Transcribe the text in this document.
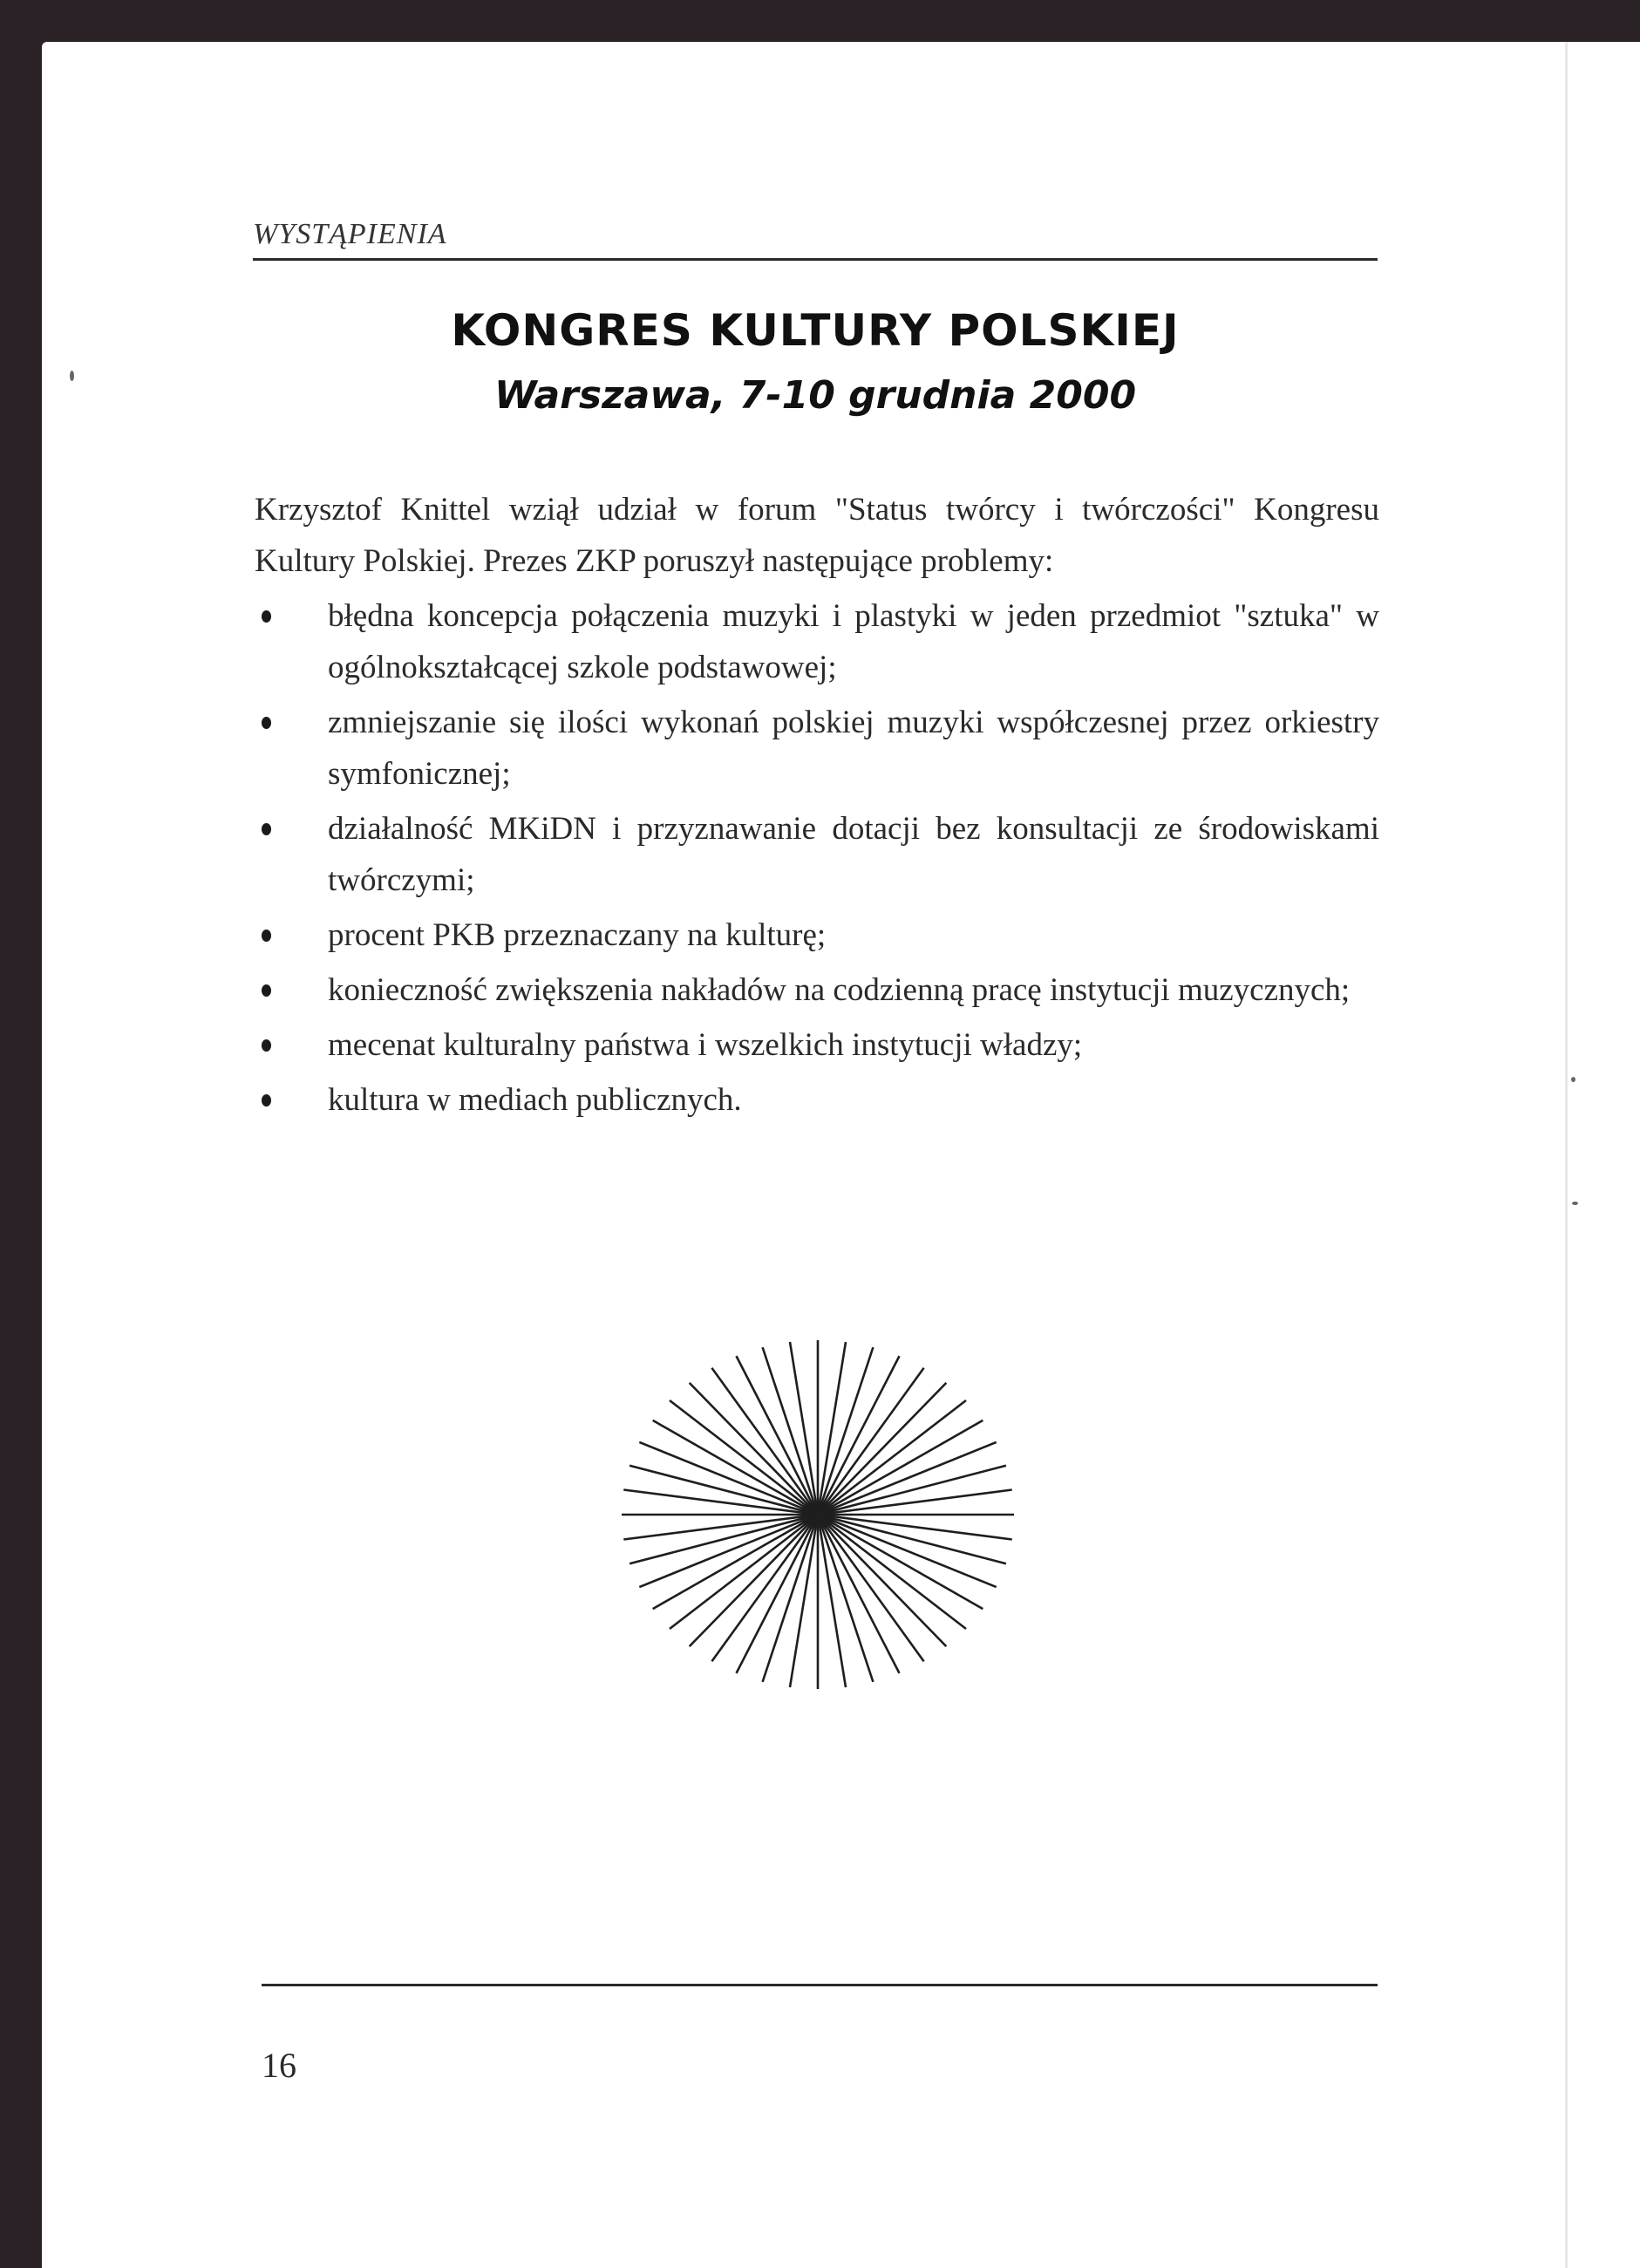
WYSTĄPIENIA
KONGRES KULTURY POLSKIEJ
Warszawa, 7-10 grudnia 2000

Krzysztof Knittel wziął udział w forum "Status twórcy i twórczości" Kongresu Kultury Polskiej. Prezes ZKP poruszył następujące problemy:

błędna koncepcja połączenia muzyki i plastyki w jeden przedmiot "sztuka" w ogólnokształcącej szkole podstawowej;
zmniejszanie się ilości wykonań polskiej muzyki współczesnej przez orkiestry symfonicznej;
działalność MKiDN i przyznawanie dotacji bez konsultacji ze środowiskami twórczymi;
procent PKB przeznaczany na kulturę;
konieczność zwiększenia nakładów na codzienną pracę instytucji muzycznych;
mecenat kulturalny państwa i wszelkich instytucji władzy;
kultura w mediach publicznych.
16
